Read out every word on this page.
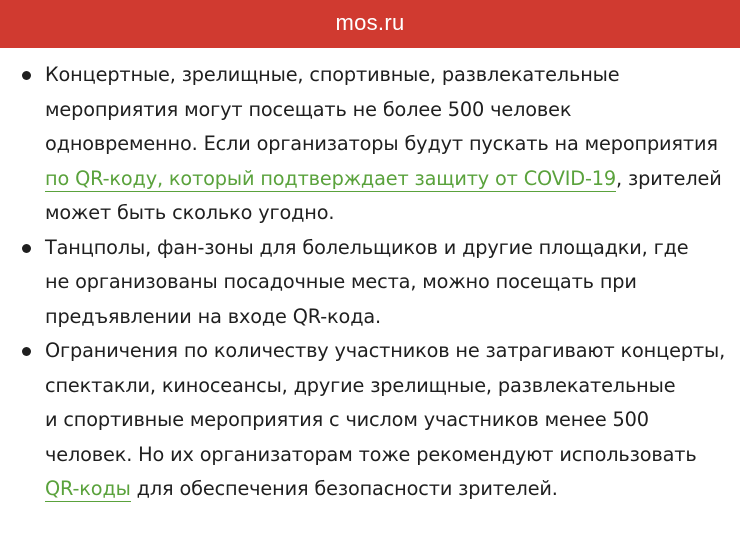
mos.ru
Концертные, зрелищные, спортивные, развлекательные
мероприятия могут посещать не более 500 человек
одновременно. Если организаторы будут пускать на мероприятия
по QR-коду, который подтверждает защиту от COVID-19, зрителей
может быть сколько угодно.
Танцполы, фан-зоны для болельщиков и другие площадки, где
не организованы посадочные места, можно посещать при
предъявлении на входе QR-кода.
Ограничения по количеству участников не затрагивают концерты,
спектакли, киносеансы, другие зрелищные, развлекательные
и спортивные мероприятия с числом участников менее 500
человек. Но их организаторам тоже рекомендуют использовать
QR-коды для обеспечения безопасности зрителей.
